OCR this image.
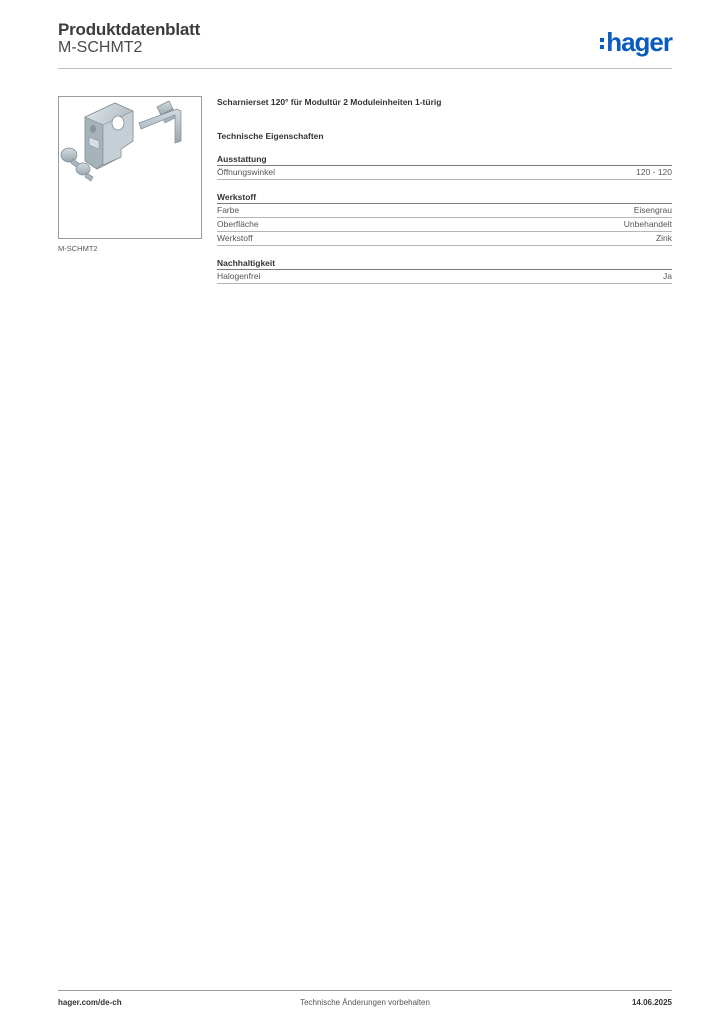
Produktdatenblatt
M-SCHMT2	hager
M-SCHMT2
Scharnierset 120° für Modultür 2 Moduleinheiten 1-türig
Technische Eigenschaften
Ausstattung
Öffnungswinkel	120 - 120
Werkstoff
Farbe	Eisengrau
Oberfläche	Unbehandelt
Werkstoff	Zink
Nachhaltigkeit
Halogenfrei	Ja
hager.com/de-ch	Technische Änderungen vorbehalten	14.06.2025
